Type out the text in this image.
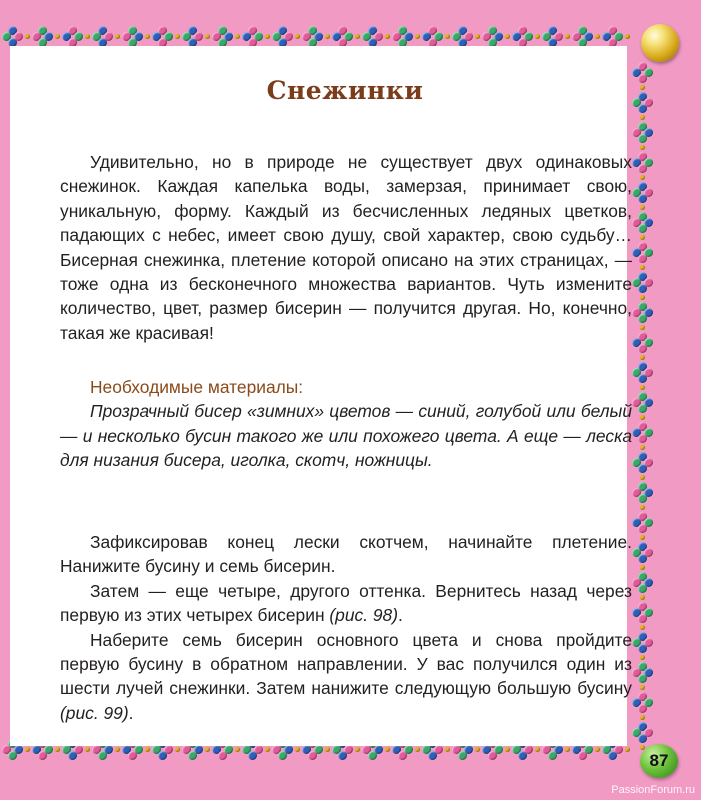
Снежинки

Удивительно, но в природе не существует двух одинаковых снежинок. Каждая капелька воды, замерзая, принимает свою, уникальную, форму. Каждый из бесчисленных ледяных цветков, падающих с небес, имеет свою душу, свой характер, свою судьбу… Бисерная снежинка, плетение которой описано на этих страницах, — тоже одна из бесконечного множества вариантов. Чуть измените количество, цвет, размер бисерин — получится другая. Но, конечно, такая же красивая!

Необходимые материалы:

Прозрачный бисер «зимних» цветов — синий, голубой или белый — и несколько бусин такого же или похожего цвета. А еще — леска для низания бисера, иголка, скотч, ножницы.

Зафиксировав конец лески скотчем, начинайте плетение. Нанижите бусину и семь бисерин.

Затем — еще четыре, другого оттенка. Вернитесь назад через первую из этих четырех бисерин (рис. 98).

Наберите семь бисерин основного цвета и снова пройдите первую бусину в обратном направлении. У вас получился один из шести лучей снежинки. Затем нанижите следующую большую бусину (рис. 99).

87
PassionForum.ru
